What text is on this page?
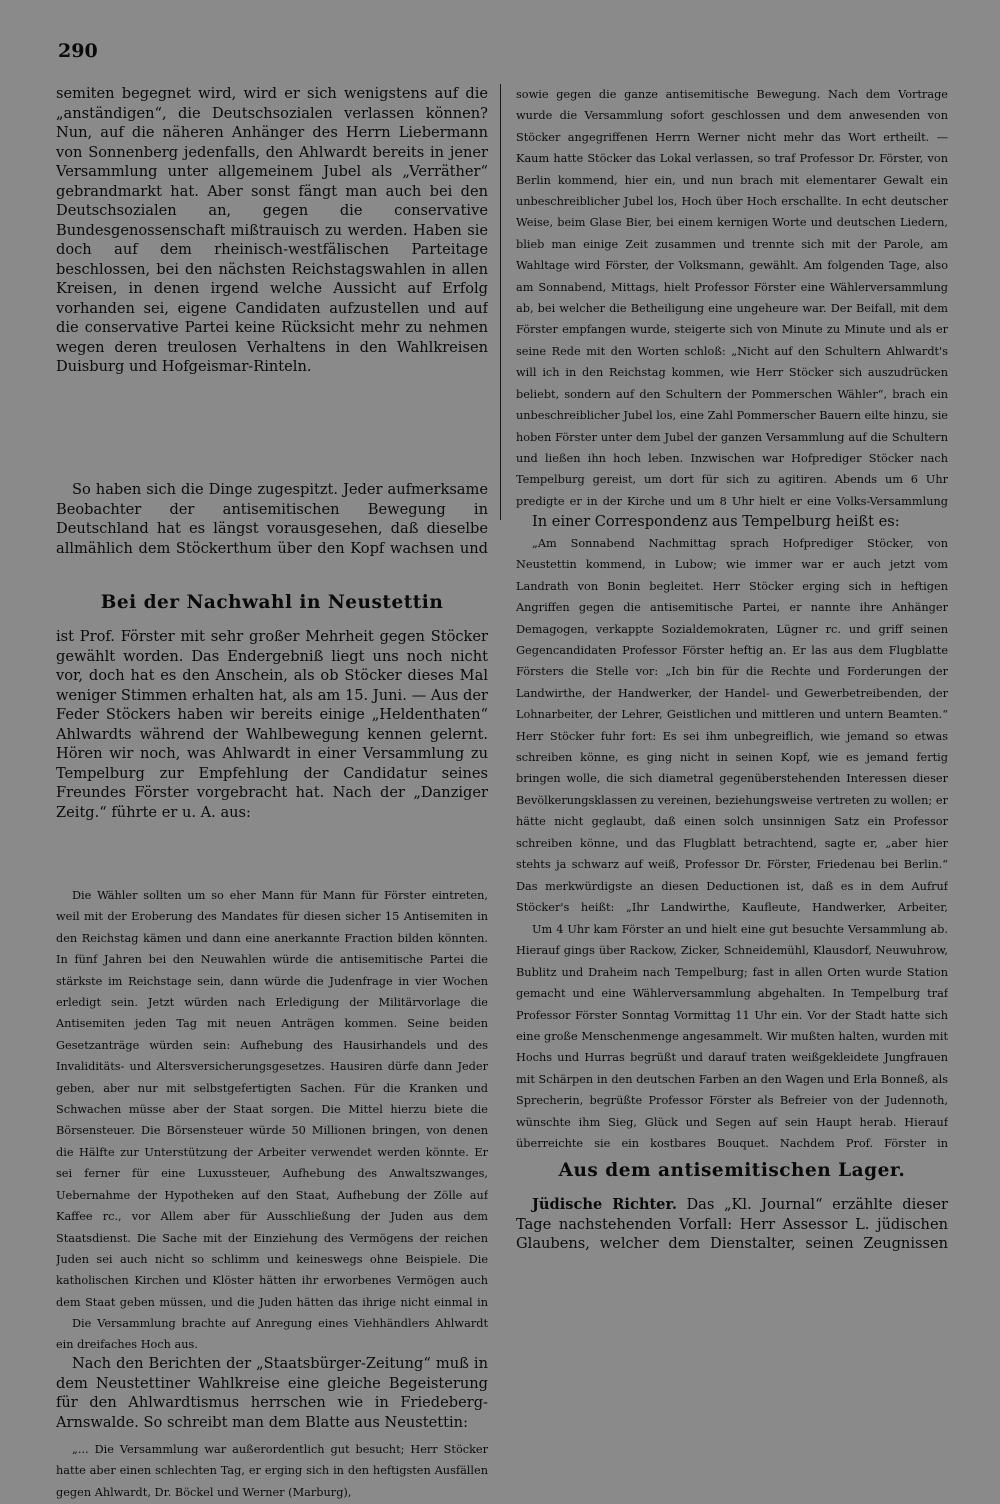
290

semiten begegnet wird, wird er sich wenigstens auf die „anständigen“, die Deutschsozialen verlassen können? Nun, auf die näheren Anhänger des Herrn Liebermann von Sonnenberg jedenfalls, den Ahlwardt bereits in jener Versammlung unter allgemeinem Jubel als „Verräther“ gebrandmarkt hat. Aber sonst fängt man auch bei den Deutschsozialen an, gegen die conservative Bundesgenossenschaft mißtrauisch zu werden. Haben sie doch auf dem rheinisch-westfälischen Parteitage beschlossen, bei den nächsten Reichstagswahlen in allen Kreisen, in denen irgend welche Aussicht auf Erfolg vorhanden sei, eigene Candidaten aufzustellen und auf die conservative Partei keine Rücksicht mehr zu nehmen wegen deren treulosen Verhaltens in den Wahlkreisen Duisburg und Hofgeismar-Rinteln.

So haben sich die Dinge zugespitzt. Jeder aufmerksame Beobachter der antisemitischen Bewegung in Deutschland hat es längst vorausgesehen, daß dieselbe allmählich dem Stöckerthum über den Kopf wachsen und

Bei der Nachwahl in Neustettin

ist Prof. Förster mit sehr großer Mehrheit gegen Stöcker gewählt worden. Das Endergebniß liegt uns noch nicht vor, doch hat es den Anschein, als ob Stöcker dieses Mal weniger Stimmen erhalten hat, als am 15. Juni. — Aus der Feder Stöckers haben wir bereits einige „Heldenthaten“ Ahlwardts während der Wahlbewegung kennen gelernt. Hören wir noch, was Ahlwardt in einer Versammlung zu Tempelburg zur Empfehlung der Candidatur seines Freundes Förster vorgebracht hat. Nach der „Danziger Zeitg.“ führte er u. A. aus:

Die Wähler sollten um so eher Mann für Mann für Förster eintreten, weil mit der Eroberung des Mandates für diesen sicher 15 Antisemiten in den Reichstag kämen und dann eine anerkannte Fraction bilden könnten. In fünf Jahren bei den Neuwahlen würde die antisemitische Partei die stärkste im Reichstage sein, dann würde die Judenfrage in vier Wochen erledigt sein. Jetzt würden nach Erledigung der Militärvorlage die Antisemiten jeden Tag mit neuen Anträgen kommen. Seine beiden Gesetzanträge würden sein: Aufhebung des Hausirhandels und des Invaliditäts- und Altersversicherungsgesetzes. Hausiren dürfe dann Jeder geben, aber nur mit selbstgefertigten Sachen. Für die Kranken und Schwachen müsse aber der Staat sorgen. Die Mittel hierzu biete die Börsensteuer. Die Börsensteuer würde 50 Millionen bringen, von denen die Hälfte zur Unterstützung der Arbeiter verwendet werden könnte. Er sei ferner für eine Luxussteuer, Aufhebung des Anwaltszwanges, Uebernahme der Hypotheken auf den Staat, Aufhebung der Zölle auf Kaffee rc., vor Allem aber für Ausschließung der Juden aus dem Staatsdienst. Die Sache mit der Einziehung des Vermögens der reichen Juden sei auch nicht so schlimm und keineswegs ohne Beispiele. Die katholischen Kirchen und Klöster hätten ihr erworbenes Vermögen auch dem Staat geben müssen, und die Juden hätten das ihrige nicht einmal in

Die Versammlung brachte auf Anregung eines Viehhändlers Ahlwardt ein dreifaches Hoch aus.

Nach den Berichten der „Staatsbürger-Zeitung“ muß in dem Neustettiner Wahlkreise eine gleiche Begeisterung für den Ahlwardtismus herrschen wie in Friedeberg-Arnswalde. So schreibt man dem Blatte aus Neustettin:

„... Die Versammlung war außerordentlich gut besucht; Herr Stöcker hatte aber einen schlechten Tag, er erging sich in den heftigsten Ausfällen gegen Ahlwardt, Dr. Böckel und Werner (Marburg),

sowie gegen die ganze antisemitische Bewegung. Nach dem Vortrage wurde die Versammlung sofort geschlossen und dem anwesenden von Stöcker angegriffenen Herrn Werner nicht mehr das Wort ertheilt. — Kaum hatte Stöcker das Lokal verlassen, so traf Professor Dr. Förster, von Berlin kommend, hier ein, und nun brach mit elementarer Gewalt ein unbeschreiblicher Jubel los, Hoch über Hoch erschallte. In echt deutscher Weise, beim Glase Bier, bei einem kernigen Worte und deutschen Liedern, blieb man einige Zeit zusammen und trennte sich mit der Parole, am Wahltage wird Förster, der Volksmann, gewählt. Am folgenden Tage, also am Sonnabend, Mittags, hielt Professor Förster eine Wählerversammlung ab, bei welcher die Betheiligung eine ungeheure war. Der Beifall, mit dem Förster empfangen wurde, steigerte sich von Minute zu Minute und als er seine Rede mit den Worten schloß: „Nicht auf den Schultern Ahlwardt's will ich in den Reichstag kommen, wie Herr Stöcker sich auszudrücken beliebt, sondern auf den Schultern der Pommerschen Wähler“, brach ein unbeschreiblicher Jubel los, eine Zahl Pommerscher Bauern eilte hinzu, sie hoben Förster unter dem Jubel der ganzen Versammlung auf die Schultern und ließen ihn hoch leben. Inzwischen war Hofprediger Stöcker nach Tempelburg gereist, um dort für sich zu agitiren. Abends um 6 Uhr predigte er in der Kirche und um 8 Uhr hielt er eine Volks-Versammlung

In einer Correspondenz aus Tempelburg heißt es:

„Am Sonnabend Nachmittag sprach Hofprediger Stöcker, von Neustettin kommend, in Lubow; wie immer war er auch jetzt vom Landrath von Bonin begleitet. Herr Stöcker erging sich in heftigen Angriffen gegen die antisemitische Partei, er nannte ihre Anhänger Demagogen, verkappte Sozialdemokraten, Lügner rc. und griff seinen Gegencandidaten Professor Förster heftig an. Er las aus dem Flugblatte Försters die Stelle vor: „Ich bin für die Rechte und Forderungen der Landwirthe, der Handwerker, der Handel- und Gewerbetreibenden, der Lohnarbeiter, der Lehrer, Geistlichen und mittleren und untern Beamten.“ Herr Stöcker fuhr fort: Es sei ihm unbegreiflich, wie jemand so etwas schreiben könne, es ging nicht in seinen Kopf, wie es jemand fertig bringen wolle, die sich diametral gegenüberstehenden Interessen dieser Bevölkerungsklassen zu vereinen, beziehungsweise vertreten zu wollen; er hätte nicht geglaubt, daß einen solch unsinnigen Satz ein Professor schreiben könne, und das Flugblatt betrachtend, sagte er, „aber hier stehts ja schwarz auf weiß, Professor Dr. Förster, Friedenau bei Berlin.“ Das merkwürdigste an diesen Deductionen ist, daß es in dem Aufruf Stöcker's heißt: „Ihr Landwirthe, Kaufleute, Handwerker, Arbeiter,

Um 4 Uhr kam Förster an und hielt eine gut besuchte Versammlung ab. Hierauf gings über Rackow, Zicker, Schneidemühl, Klausdorf, Neuwuhrow, Bublitz und Draheim nach Tempelburg; fast in allen Orten wurde Station gemacht und eine Wählerversammlung abgehalten. In Tempelburg traf Professor Förster Sonntag Vormittag 11 Uhr ein. Vor der Stadt hatte sich eine große Menschenmenge angesammelt. Wir mußten halten, wurden mit Hochs und Hurras begrüßt und darauf traten weißgekleidete Jungfrauen mit Schärpen in den deutschen Farben an den Wagen und Erla Bonneß, als Sprecherin, begrüßte Professor Förster als Befreier von der Judennoth, wünschte ihm Sieg, Glück und Segen auf sein Haupt herab. Hierauf überreichte sie ein kostbares Bouquet. Nachdem Prof. Förster in

Aus dem antisemitischen Lager.

Jüdische Richter. Das „Kl. Journal“ erzählte dieser Tage nachstehenden Vorfall: Herr Assessor L. jüdischen Glaubens, welcher dem Dienstalter, seinen Zeugnissen
